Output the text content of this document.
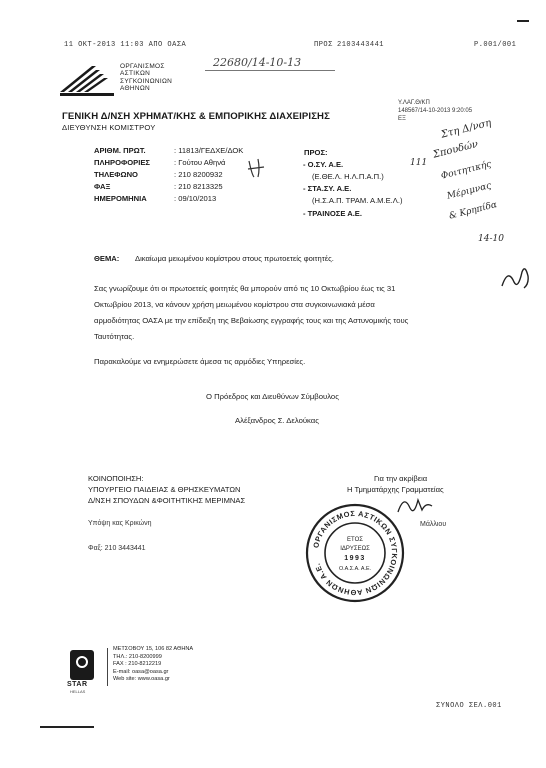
11 ΟΚΤ-2013 11:03 ΑΠΟ ΟΑΣΑ	ΠΡΟΣ 2103443441	Ρ.001/001
ΟΡΓΑΝΙΣΜΟΣ
ΑΣΤΙΚΩΝ
ΣΥΓΚΟΙΝΩΝΙΩΝ
ΑΘΗΝΩΝ
22680/14-10-13
Υ.ΛΑΓ.Θ/ΚΠ
148567/14-10-2013 9:20:05
ΕΞ
ΓΕΝΙΚΗ Δ/ΝΣΗ ΧΡΗΜΑΤ/ΚΗΣ & ΕΜΠΟΡΙΚΗΣ ΔΙΑΧΕΙΡΙΣΗΣ
ΔΙΕΥΘΥΝΣΗ ΚΟΜΙΣΤΡΟΥ
ΑΡΙΘΜ. ΠΡΩΤ.	: 11813/ΓΕΔΧΕ/ΔΟΚ
ΠΛΗΡΟΦΟΡΙΕΣ	: Γούτου Αθηνά
ΤΗΛΕΦΩΝΟ	: 210 8200932
ΦΑΞ	: 210 8213325
ΗΜΕΡΟΜΗΝΙΑ	: 09/10/2013
ΠΡΟΣ:
- Ο.ΣΥ. Α.Ε.
(Ε.ΘΕ.Λ. Η.Λ.Π.Α.Π.)
- ΣΤΑ.ΣΥ. Α.Ε.
(Η.Σ.Α.Π. ΤΡΑΜ. Α.Μ.Ε.Λ.)
- ΤΡΑΙΝΟΣΕ Α.Ε.
Στη Δ/νση
Σπουδών
Φοιτητικής
Μέριμνας
& Κρηπίδα
14-10
111
ΘΕΜΑ: Δικαίωμα μειωμένου κομίστρου στους πρωτοετείς φοιτητές.
Σας γνωρίζουμε ότι οι πρωτοετείς φοιτητές θα μπορούν από τις 10 Οκτωβρίου έως τις 31
Οκτωβρίου 2013, να κάνουν χρήση μειωμένου κομίστρου στα συγκοινωνιακά μέσα
αρμοδιότητας ΟΑΣΑ με την επίδειξη της Βεβαίωσης εγγραφής τους και της Αστυνομικής τους
Ταυτότητας.
Παρακαλούμε να ενημερώσετε άμεσα τις αρμόδιες Υπηρεσίες.
Ο Πρόεδρος και Διευθύνων Σύμβουλος
Αλέξανδρος Σ. Δελούκας
ΚΟΙΝΟΠΟΙΗΣΗ:
ΥΠΟΥΡΓΕΙΟ ΠΑΙΔΕΙΑΣ & ΘΡΗΣΚΕΥΜΑΤΩΝ
Δ/ΝΣΗ ΣΠΟΥΔΩΝ &ΦΟΙΤΗΤΙΚΗΣ ΜΕΡΙΜΝΑΣ
Υπόψη κας Κρικώνη
Φαξ: 210 3443441
Για την ακρίβεια
Η Τμηματάρχης Γραμματείας
Μάλλιου
ΟΡΓΑΝΙΣΜΟΣ ΑΣΤΙΚΩΝ ΣΥΓΚΟΙΝΩΝΙΩΝ ΑΘΗΝΩΝ Α.Ε.
ΕΤΟΣ
ΙΔΡΥΣΕΩΣ
1993
Ο.Α.Σ.Α. Α.Ε.
STAR
HELLAS
ΜΕΤΣΟΒΟΥ 15, 106 82 ΑΘΗΝΑ
ΤΗΛ.: 210-8200999
FAX : 210-8212219
E-mail: oasa@oasa.gr
Web site: www.oasa.gr
ΣΥΝΟΛΟ ΣΕΛ.001
